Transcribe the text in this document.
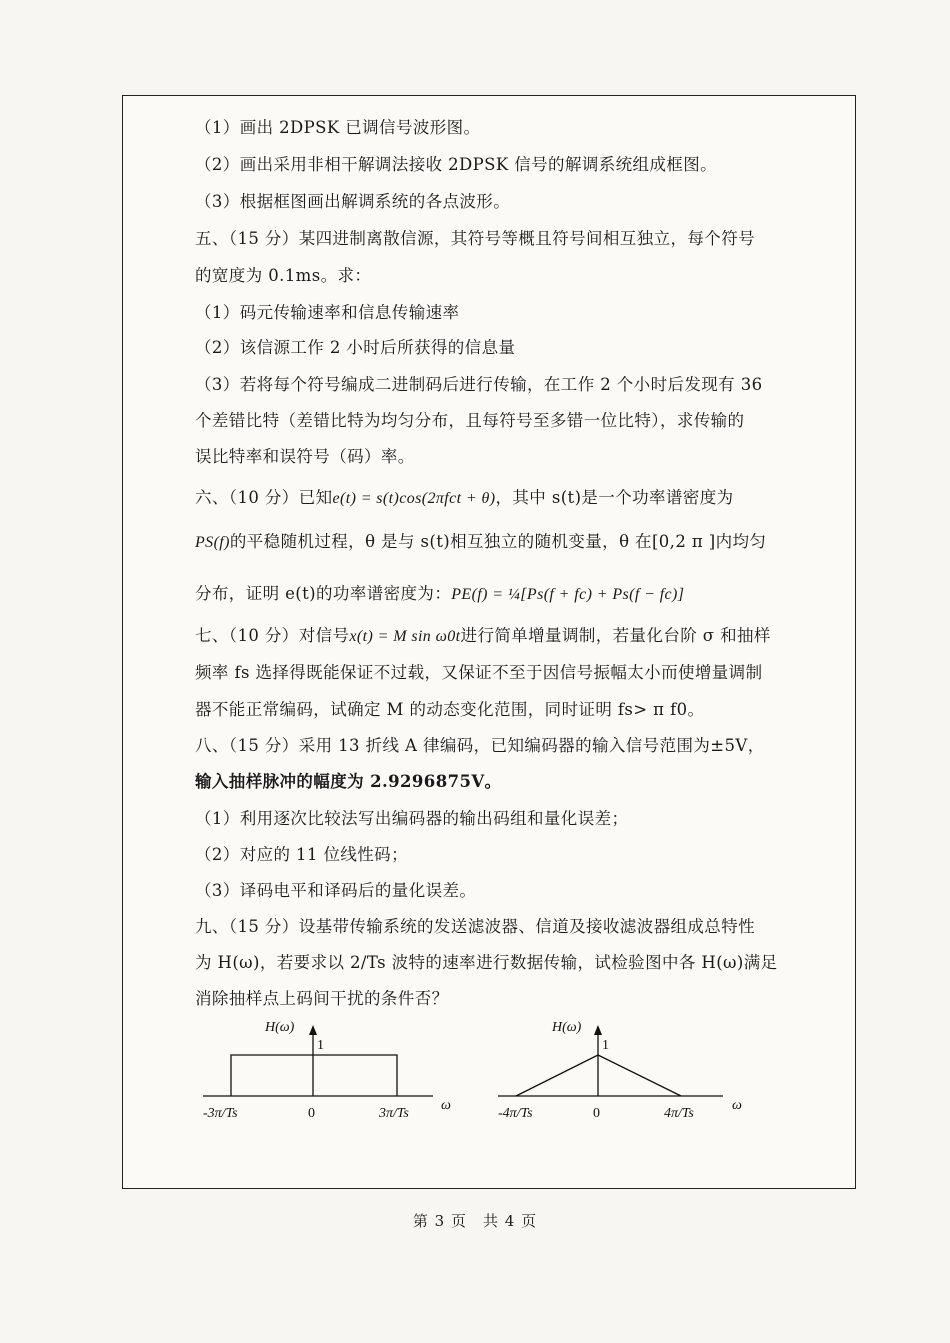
（1）画出 2DPSK 已调信号波形图。
（2）画出采用非相干解调法接收 2DPSK 信号的解调系统组成框图。
（3）根据框图画出解调系统的各点波形。
五、（15 分）某四进制离散信源，其符号等概且符号间相互独立，每个符号
的宽度为 0.1ms。求：
（1）码元传输速率和信息传输速率
（2）该信源工作 2 小时后所获得的信息量
（3）若将每个符号编成二进制码后进行传输，在工作 2 个小时后发现有 36
个差错比特（差错比特为均匀分布，且每符号至多错一位比特），求传输的
误比特率和误符号（码）率。
六、（10 分）已知e(t) = s(t)cos(2πfct + θ)，其中 s(t)是一个功率谱密度为
PS(f)的平稳随机过程，θ 是与 s(t)相互独立的随机变量，θ 在[0,2 π ]内均匀
分布，证明 e(t)的功率谱密度为：PE(f) = ¼[Ps(f + fc) + Ps(f − fc)]
七、（10 分）对信号x(t) = M sin ω0t进行简单增量调制，若量化台阶 σ 和抽样
频率 fs 选择得既能保证不过载，又保证不至于因信号振幅太小而使增量调制
器不能正常编码，试确定 M 的动态变化范围，同时证明 fs> π f0。
八、（15 分）采用 13 折线 A 律编码，已知编码器的输入信号范围为±5V，
输入抽样脉冲的幅度为 2.9296875V。
（1）利用逐次比较法写出编码器的输出码组和量化误差；
（2）对应的 11 位线性码；
（3）译码电平和译码后的量化误差。
九、（15 分）设基带传输系统的发送滤波器、信道及接收滤波器组成总特性
为 H(ω)，若要求以 2/Ts 波特的速率进行数据传输，试检验图中各 H(ω)满足
消除抽样点上码间干扰的条件否？
H(ω)
1
-3π/Ts	0	3π/Ts
ω
H(ω)
1
-4π/Ts	0	4π/Ts
ω
第 3 页　共 4 页
